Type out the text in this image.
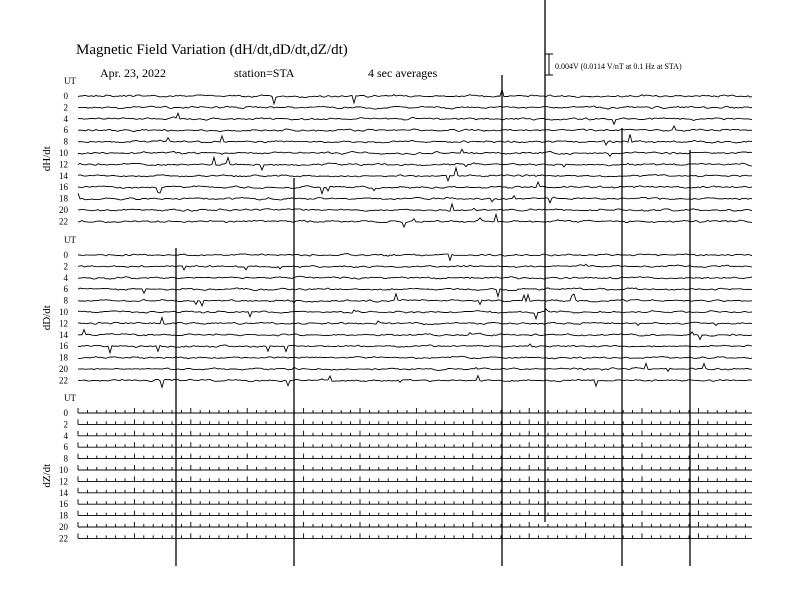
Magnetic Field Variation (dH/dt,dD/dt,dZ/dt)
Apr. 23, 2022	station=STA	4 sec averages	0.004V (0.0114 V/nT at 0.1 Hz at STA)
UT
dH/dt
0
2
4
6
8
10
12
14
16
18
20
22
UT
dD/dt
0
2
4
6
8
10
12
14
16
18
20
22
UT
dZ/dt
0
2
4
6
8
10
12
14
16
18
20
22
